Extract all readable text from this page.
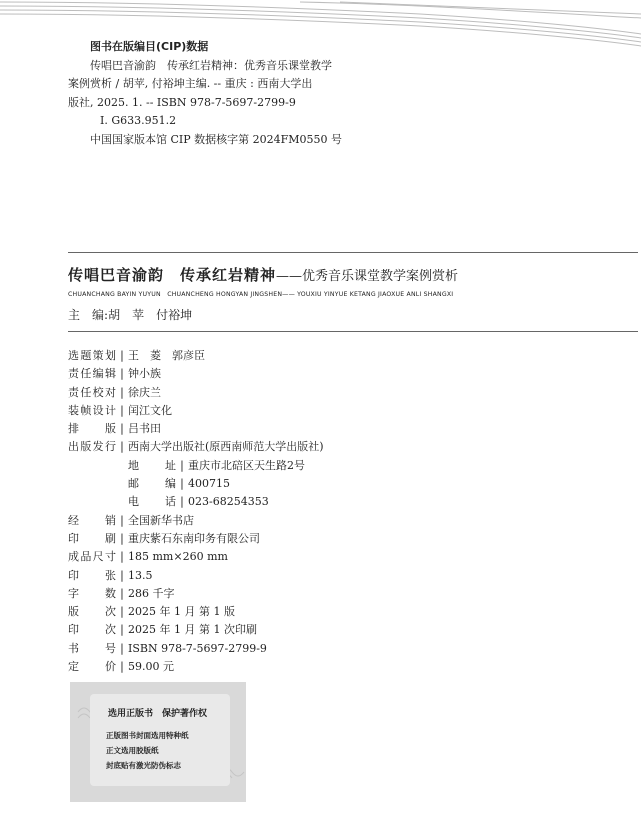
图书在版编目(CIP)数据
传唱巴音渝韵　传承红岩精神：优秀音乐课堂教学
案例赏析 / 胡苹, 付裕坤主编. -- 重庆 : 西南大学出
版社, 2025. 1. -- ISBN 978-7-5697-2799-9
Ⅰ. G633.951.2
中国国家版本馆 CIP 数据核字第 2024FM0550 号
传唱巴音渝韵　传承红岩精神——优秀音乐课堂教学案例赏析
CHUANCHANG BAYIN YUYUN　CHUANCHENG HONGYAN JINGSHEN—— YOUXIU YINYUE KETANG JIAOXUE ANLI SHANGXI
主　编:胡　苹　付裕坤
选题策划 | 王　菱　郭彦臣
责任编辑 | 钟小族
责任校对 | 徐庆兰
装帧设计 | 闰江文化
排版 | 吕书田
出版发行 | 西南大学出版社(原西南师范大学出版社)
地址 | 重庆市北碚区天生路2号
邮编 | 400715
电话 | 023-68254353
经销 | 全国新华书店
印刷 | 重庆紫石东南印务有限公司
成品尺寸 | 185 mm×260 mm
印张 | 13.5
字数 | 286 千字
版次 | 2025 年 1 月 第 1 版
印次 | 2025 年 1 月 第 1 次印刷
书号 | ISBN 978-7-5697-2799-9
定价 | 59.00 元
选用正版书　保护著作权
正版图书封面选用特种纸
正文选用胶版纸
封底贴有激光防伪标志
